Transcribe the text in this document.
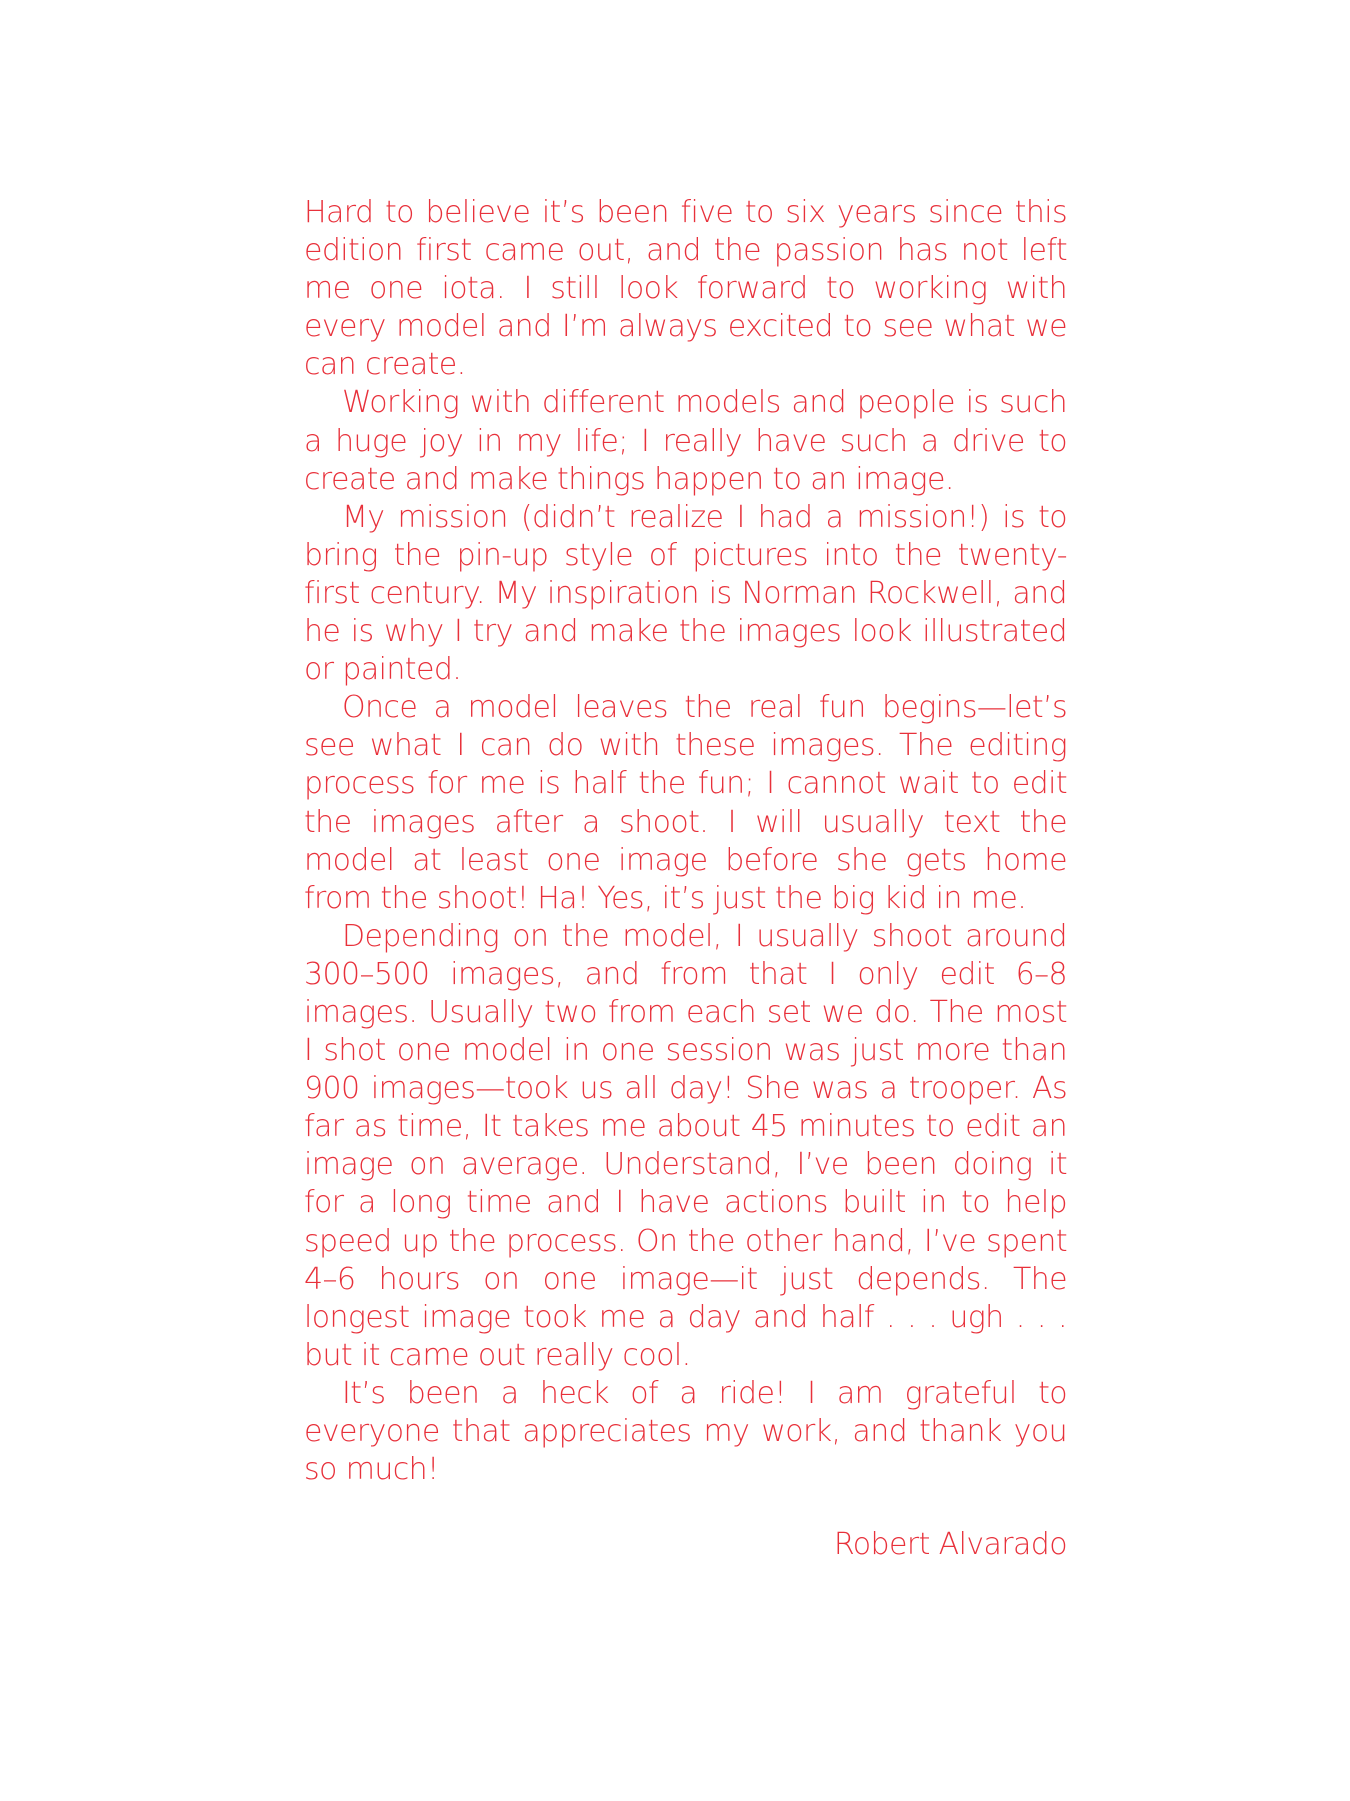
Hard to believe it’s been five to six years since this edition first came out, and the passion has not left me one iota. I still look forward to working with every model and I’m always excited to see what we can create.

Working with different models and people is such a huge joy in my life; I really have such a drive to create and make things happen to an image.

My mission (didn’t realize I had a mission!) is to bring the pin-up style of pictures into the twenty-first century. My inspiration is Norman Rockwell, and he is why I try and make the images look illustrated or painted.

Once a model leaves the real fun begins—let’s see what I can do with these images. The editing process for me is half the fun; I cannot wait to edit the images after a shoot. I will usually text the model at least one image before she gets home from the shoot! Ha! Yes, it’s just the big kid in me.

Depending on the model, I usually shoot around 300–500 images, and from that I only edit 6–8 images. Usually two from each set we do. The most I shot one model in one session was just more than 900 images—took us all day! She was a trooper. As far as time, It takes me about 45 minutes to edit an image on average. Understand, I’ve been doing it for a long time and I have actions built in to help speed up the process. On the other hand, I’ve spent 4–6 hours on one image—it just depends. The longest image took me a day and half . . . ugh . . . but it came out really cool.

It’s been a heck of a ride! I am grateful to everyone that appreciates my work, and thank you so much!

Robert Alvarado
